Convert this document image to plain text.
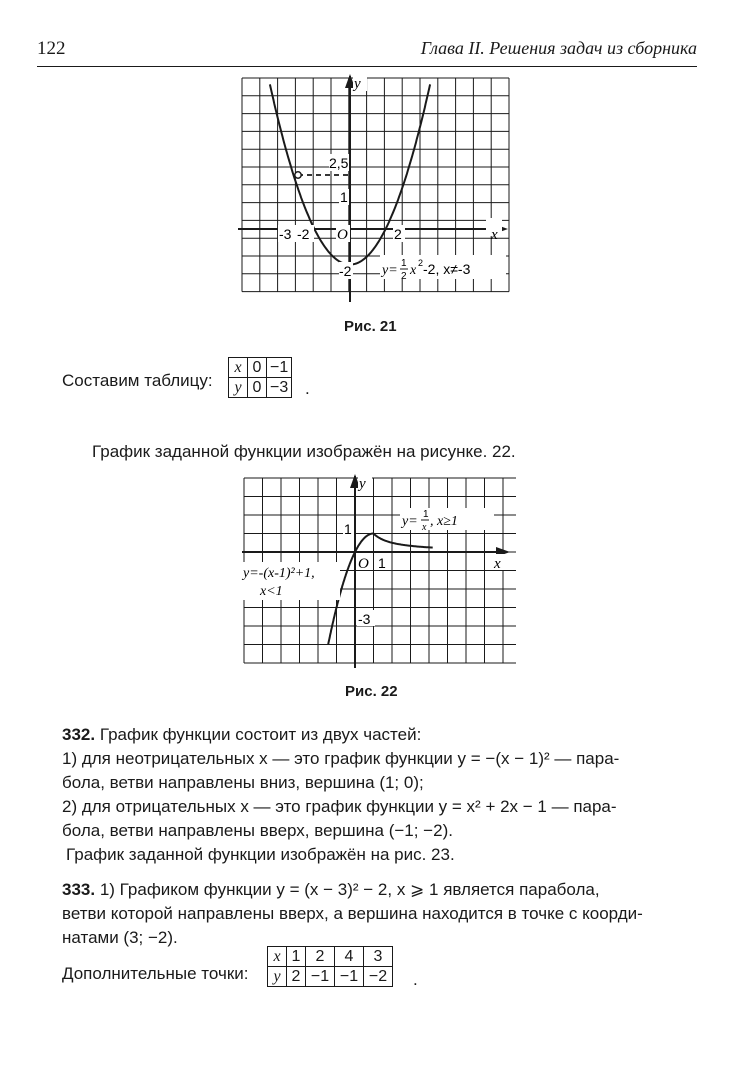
122	Глава II. Решения задач из сборника
y
x
2,5
1
-3 -2 O	2
-2 y= 1
2 x 2 -2, x≠-3
Рис. 21
Составим таблицу:
x	0	−1
y	0	−3 .
График заданной функции изображён на рисунке. 22.
y
x
1
O 1
-3
y= 1
x , x≥1
y=-(x-1)²+1,
x<1
Рис. 22
332. График функции состоит из двух частей:
1) для неотрицательных x — это график функции y = −(x − 1)² — пара-
бола, ветви направлены вниз, вершина (1; 0);
2) для отрицательных x — это график функции y = x² + 2x − 1 — пара-
бола, ветви направлены вверх, вершина (−1; −2).
График заданной функции изображён на рис. 23.
333. 1) Графиком функции y = (x − 3)² − 2, x ⩾ 1 является парабола,
ветви которой направлены вверх, а вершина находится в точке с коорди-
натами (3; −2).
Дополнительные точки:
x	1	2	4	3
y	2	−1	−1	−2 .
